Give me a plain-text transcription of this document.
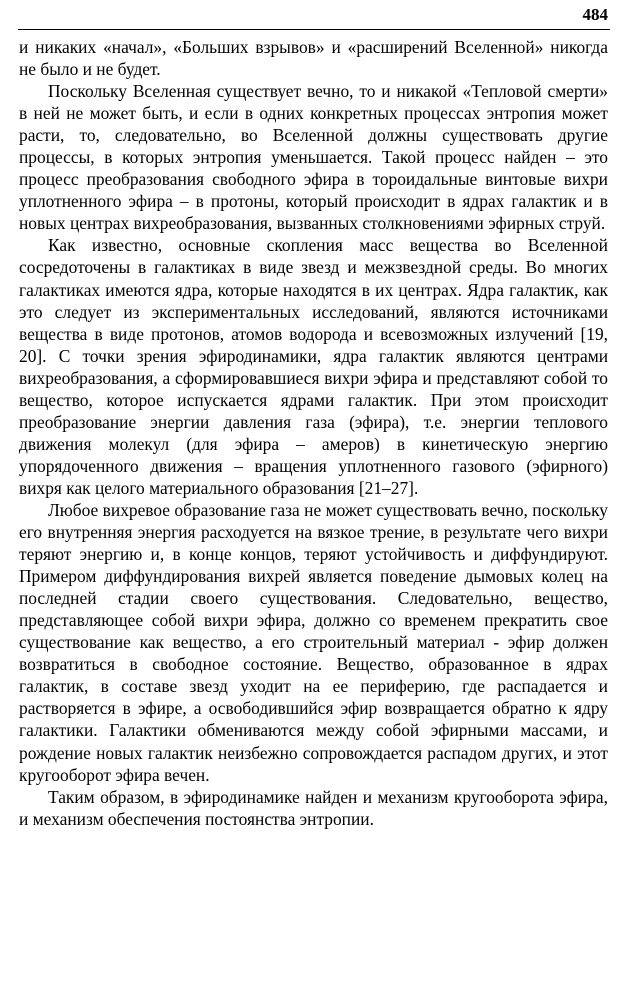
484

и никаких «начал», «Больших взрывов» и «расширений Вселенной» никогда не было и не будет.

Поскольку Вселенная существует вечно, то и никакой «Тепловой смерти» в ней не может быть, и если в одних конкретных процессах энтропия может расти, то, следовательно, во Вселенной должны существовать другие процессы, в которых энтропия уменьшается. Такой процесс найден – это процесс преобразования свободного эфира в тороидальные винтовые вихри уплотненного эфира – в протоны, который происходит в ядрах галактик и в новых центрах вихреобразования, вызванных столкновениями эфирных струй.

Как известно, основные скопления масс вещества во Вселенной сосредоточены в галактиках в виде звезд и межзвездной среды. Во многих галактиках имеются ядра, которые находятся в их центрах. Ядра галактик, как это следует из экспериментальных исследований, являются источниками вещества в виде протонов, атомов водорода и всевозможных излучений [19, 20]. С точки зрения эфиродинамики, ядра галактик являются центрами вихреобразования, а сформировавшиеся вихри эфира и представляют собой то вещество, которое испускается ядрами галактик. При этом происходит преобразование энергии давления газа (эфира), т.е. энергии теплового движения молекул (для эфира – амеров) в кинетическую энергию упорядоченного движения – вращения уплотненного газового (эфирного) вихря как целого материального образования [21–27].

Любое вихревое образование газа не может существовать вечно, поскольку его внутренняя энергия расходуется на вязкое трение, в результате чего вихри теряют энергию и, в конце концов, теряют устойчивость и диффундируют. Примером диффундирования вихрей является поведение дымовых колец на последней стадии своего существования. Следовательно, вещество, представляющее собой вихри эфира, должно со временем прекратить свое существование как вещество, а его строительный материал - эфир должен возвратиться в свободное состояние. Вещество, образованное в ядрах галактик, в составе звезд уходит на ее периферию, где распадается и растворяется в эфире, а освободившийся эфир возвращается обратно к ядру галактики. Галактики обмениваются между собой эфирными массами, и рождение новых галактик неизбежно сопровождается распадом других, и этот кругооборот эфира вечен.

Таким образом, в эфиродинамике найден и механизм кругооборота эфира, и механизм обеспечения постоянства энтропии.
